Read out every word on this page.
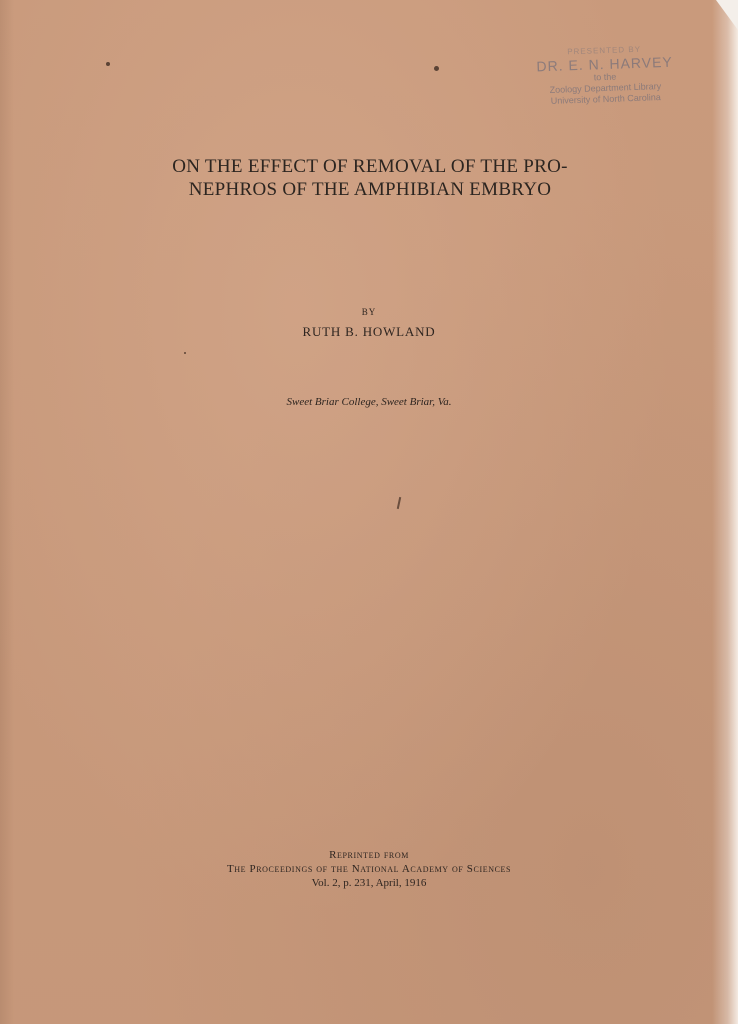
PRESENTED BY
DR. E. N. HARVEY
to the
Zoology Department Library
University of North Carolina
ON THE EFFECT OF REMOVAL OF THE PRO-
NEPHROS OF THE AMPHIBIAN EMBRYO
BY
RUTH B. HOWLAND
Sweet Briar College, Sweet Briar, Va.
Reprinted from
The Proceedings of the National Academy of Sciences
Vol. 2, p. 231, April, 1916
